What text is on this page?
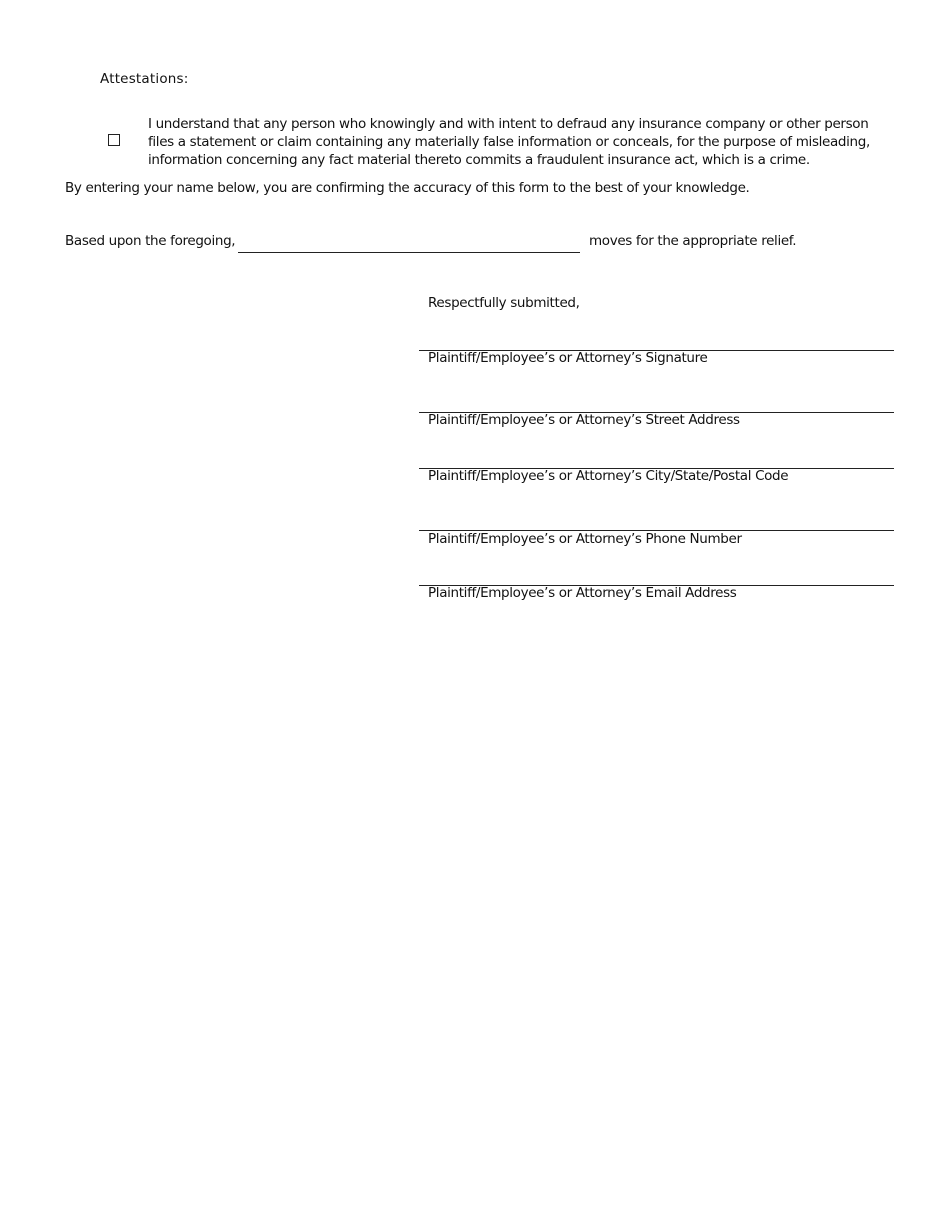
Attestations:
I understand that any person who knowingly and with intent to defraud any insurance company or other person files a statement or claim containing any materially false information or conceals, for the purpose of misleading, information concerning any fact material thereto commits a fraudulent insurance act, which is a crime.
By entering your name below, you are confirming the accuracy of this form to the best of your knowledge.
Based upon the foregoing,	moves for the appropriate relief.
Respectfully submitted,
Plaintiff/Employee’s or Attorney’s Signature
Plaintiff/Employee’s or Attorney’s Street Address
Plaintiff/Employee’s or Attorney’s City/State/Postal Code
Plaintiff/Employee’s or Attorney’s Phone Number
Plaintiff/Employee’s or Attorney’s Email Address
